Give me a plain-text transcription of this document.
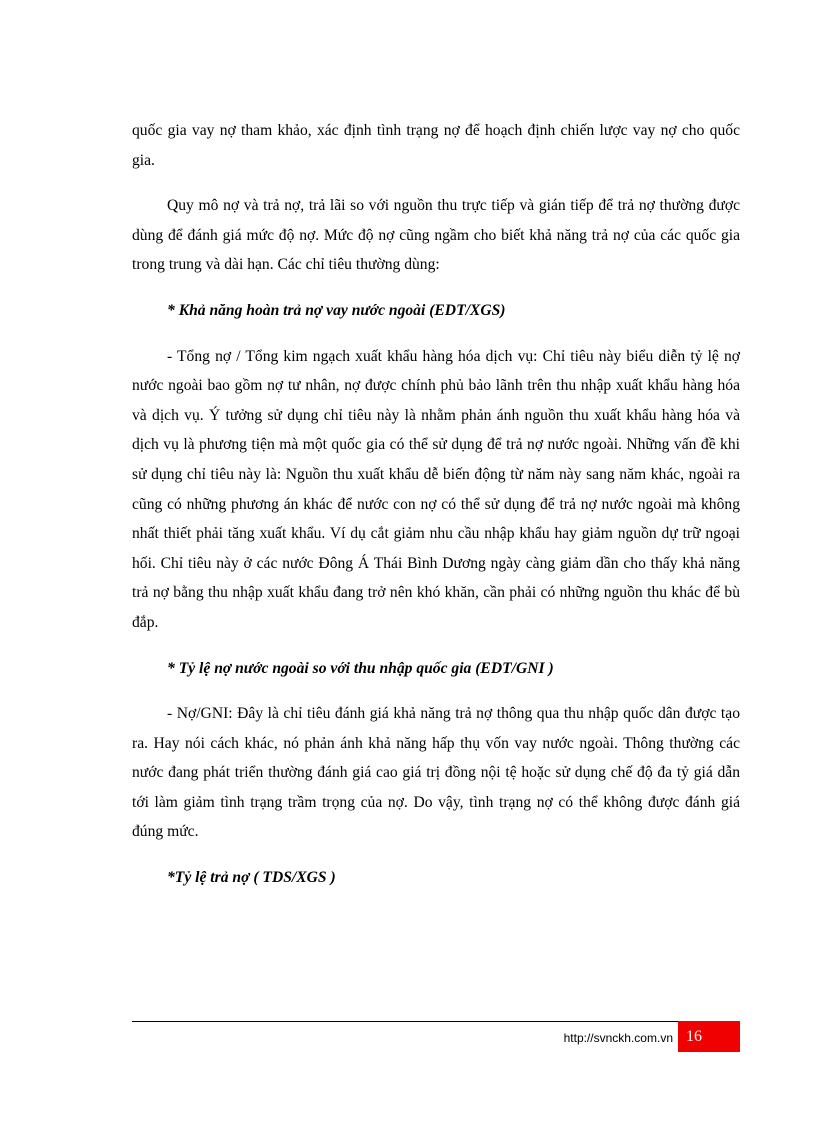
quốc gia vay nợ tham khảo, xác định tình trạng nợ để hoạch định chiến lược vay nợ cho quốc gia.

Quy mô nợ và trả nợ, trả lãi so với nguồn thu trực tiếp và gián tiếp để trả nợ thường được dùng để đánh giá mức độ nợ. Mức độ nợ cũng ngầm cho biết khả năng trả nợ của các quốc gia trong trung và dài hạn. Các chỉ tiêu thường dùng:

* Khả năng hoàn trả nợ vay nước ngoài (EDT/XGS)

- Tổng nợ / Tổng kim ngạch xuất khẩu hàng hóa dịch vụ: Chỉ tiêu này biểu diễn tỷ lệ nợ nước ngoài bao gồm nợ tư nhân, nợ được chính phủ bảo lãnh trên thu nhập xuất khẩu hàng hóa và dịch vụ. Ý tưởng sử dụng chỉ tiêu này là nhằm phản ánh nguồn thu xuất khẩu hàng hóa và dịch vụ là phương tiện mà một quốc gia có thể sử dụng để trả nợ nước ngoài. Những vấn đề khi sử dụng chỉ tiêu này là: Nguồn thu xuất khẩu dễ biến động từ năm này sang năm khác, ngoài ra cũng có những phương án khác để nước con nợ có thể sử dụng để trả nợ nước ngoài mà không nhất thiết phải tăng xuất khẩu. Ví dụ cắt giảm nhu cầu nhập khẩu hay giảm nguồn dự trữ ngoại hối. Chỉ tiêu này ở các nước Đông Á Thái Bình Dương ngày càng giảm dần cho thấy khả năng trả nợ bằng thu nhập xuất khẩu đang trở nên khó khăn, cần phải có những nguồn thu khác để bù đắp.

* Tỷ lệ nợ nước ngoài so với thu nhập quốc gia (EDT/GNI )

- Nợ/GNI: Đây là chỉ tiêu đánh giá khả năng trả nợ thông qua thu nhập quốc dân được tạo ra. Hay nói cách khác, nó phản ánh khả năng hấp thụ vốn vay nước ngoài. Thông thường các nước đang phát triển thường đánh giá cao giá trị đồng nội tệ hoặc sử dụng chế độ đa tỷ giá dẫn tới làm giảm tình trạng trầm trọng của nợ. Do vậy, tình trạng nợ có thể không được đánh giá đúng mức.

*Tỷ lệ trả nợ ( TDS/XGS )

http://svnckh.com.vn 16
